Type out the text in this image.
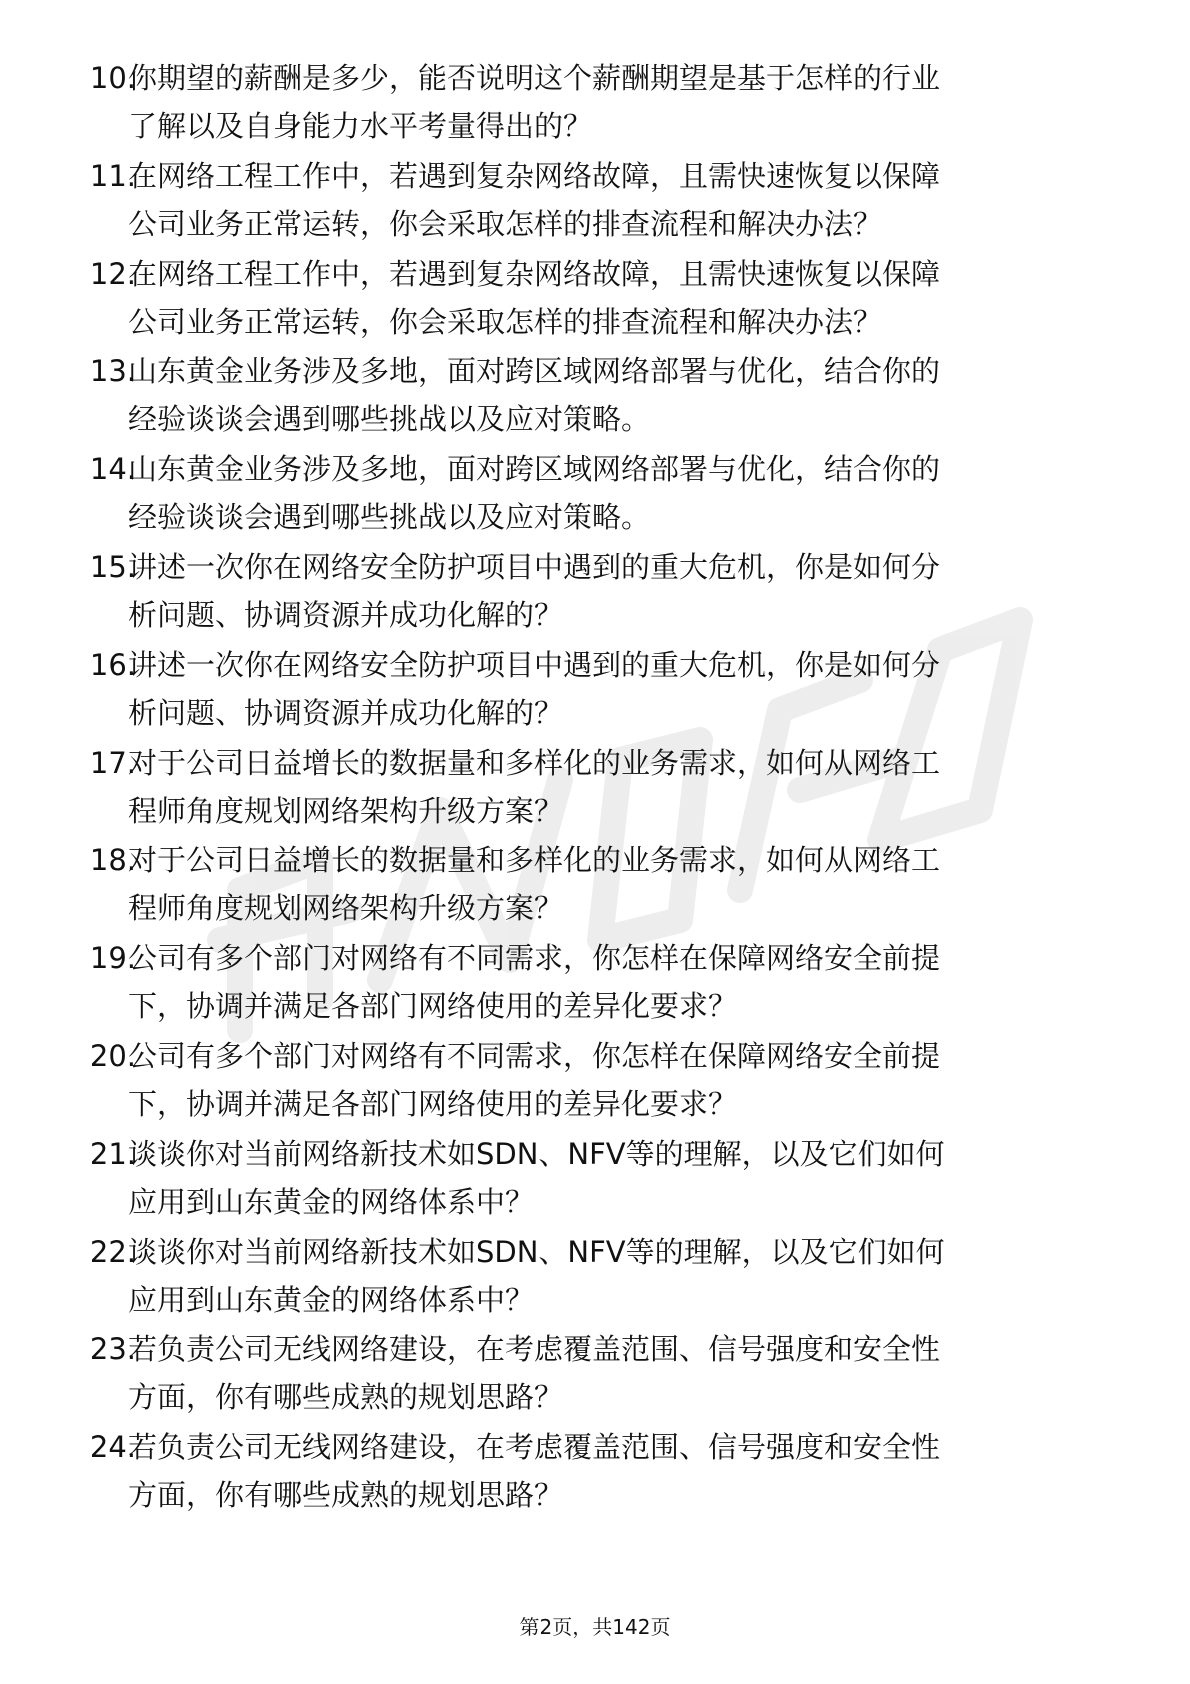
10.
你期望的薪酬是多少，能否说明这个薪酬期望是基于怎样的行业
了解以及自身能力水平考量得出的？
11.
在网络工程工作中，若遇到复杂网络故障，且需快速恢复以保障
公司业务正常运转，你会采取怎样的排查流程和解决办法？
12.
在网络工程工作中，若遇到复杂网络故障，且需快速恢复以保障
公司业务正常运转，你会采取怎样的排查流程和解决办法？
13.
山东黄金业务涉及多地，面对跨区域网络部署与优化，结合你的
经验谈谈会遇到哪些挑战以及应对策略。
14.
山东黄金业务涉及多地，面对跨区域网络部署与优化，结合你的
经验谈谈会遇到哪些挑战以及应对策略。
15.
讲述一次你在网络安全防护项目中遇到的重大危机，你是如何分
析问题、协调资源并成功化解的？
16.
讲述一次你在网络安全防护项目中遇到的重大危机，你是如何分
析问题、协调资源并成功化解的？
17.
对于公司日益增长的数据量和多样化的业务需求，如何从网络工
程师角度规划网络架构升级方案？
18.
对于公司日益增长的数据量和多样化的业务需求，如何从网络工
程师角度规划网络架构升级方案？
19.
公司有多个部门对网络有不同需求，你怎样在保障网络安全前提
下，协调并满足各部门网络使用的差异化要求？
20.
公司有多个部门对网络有不同需求，你怎样在保障网络安全前提
下，协调并满足各部门网络使用的差异化要求？
21.
谈谈你对当前网络新技术如SDN、NFV等的理解，以及它们如何
应用到山东黄金的网络体系中？
22.
谈谈你对当前网络新技术如SDN、NFV等的理解，以及它们如何
应用到山东黄金的网络体系中？
23.
若负责公司无线网络建设，在考虑覆盖范围、信号强度和安全性
方面，你有哪些成熟的规划思路？
24.
若负责公司无线网络建设，在考虑覆盖范围、信号强度和安全性
方面，你有哪些成熟的规划思路？
第2页，共142页
